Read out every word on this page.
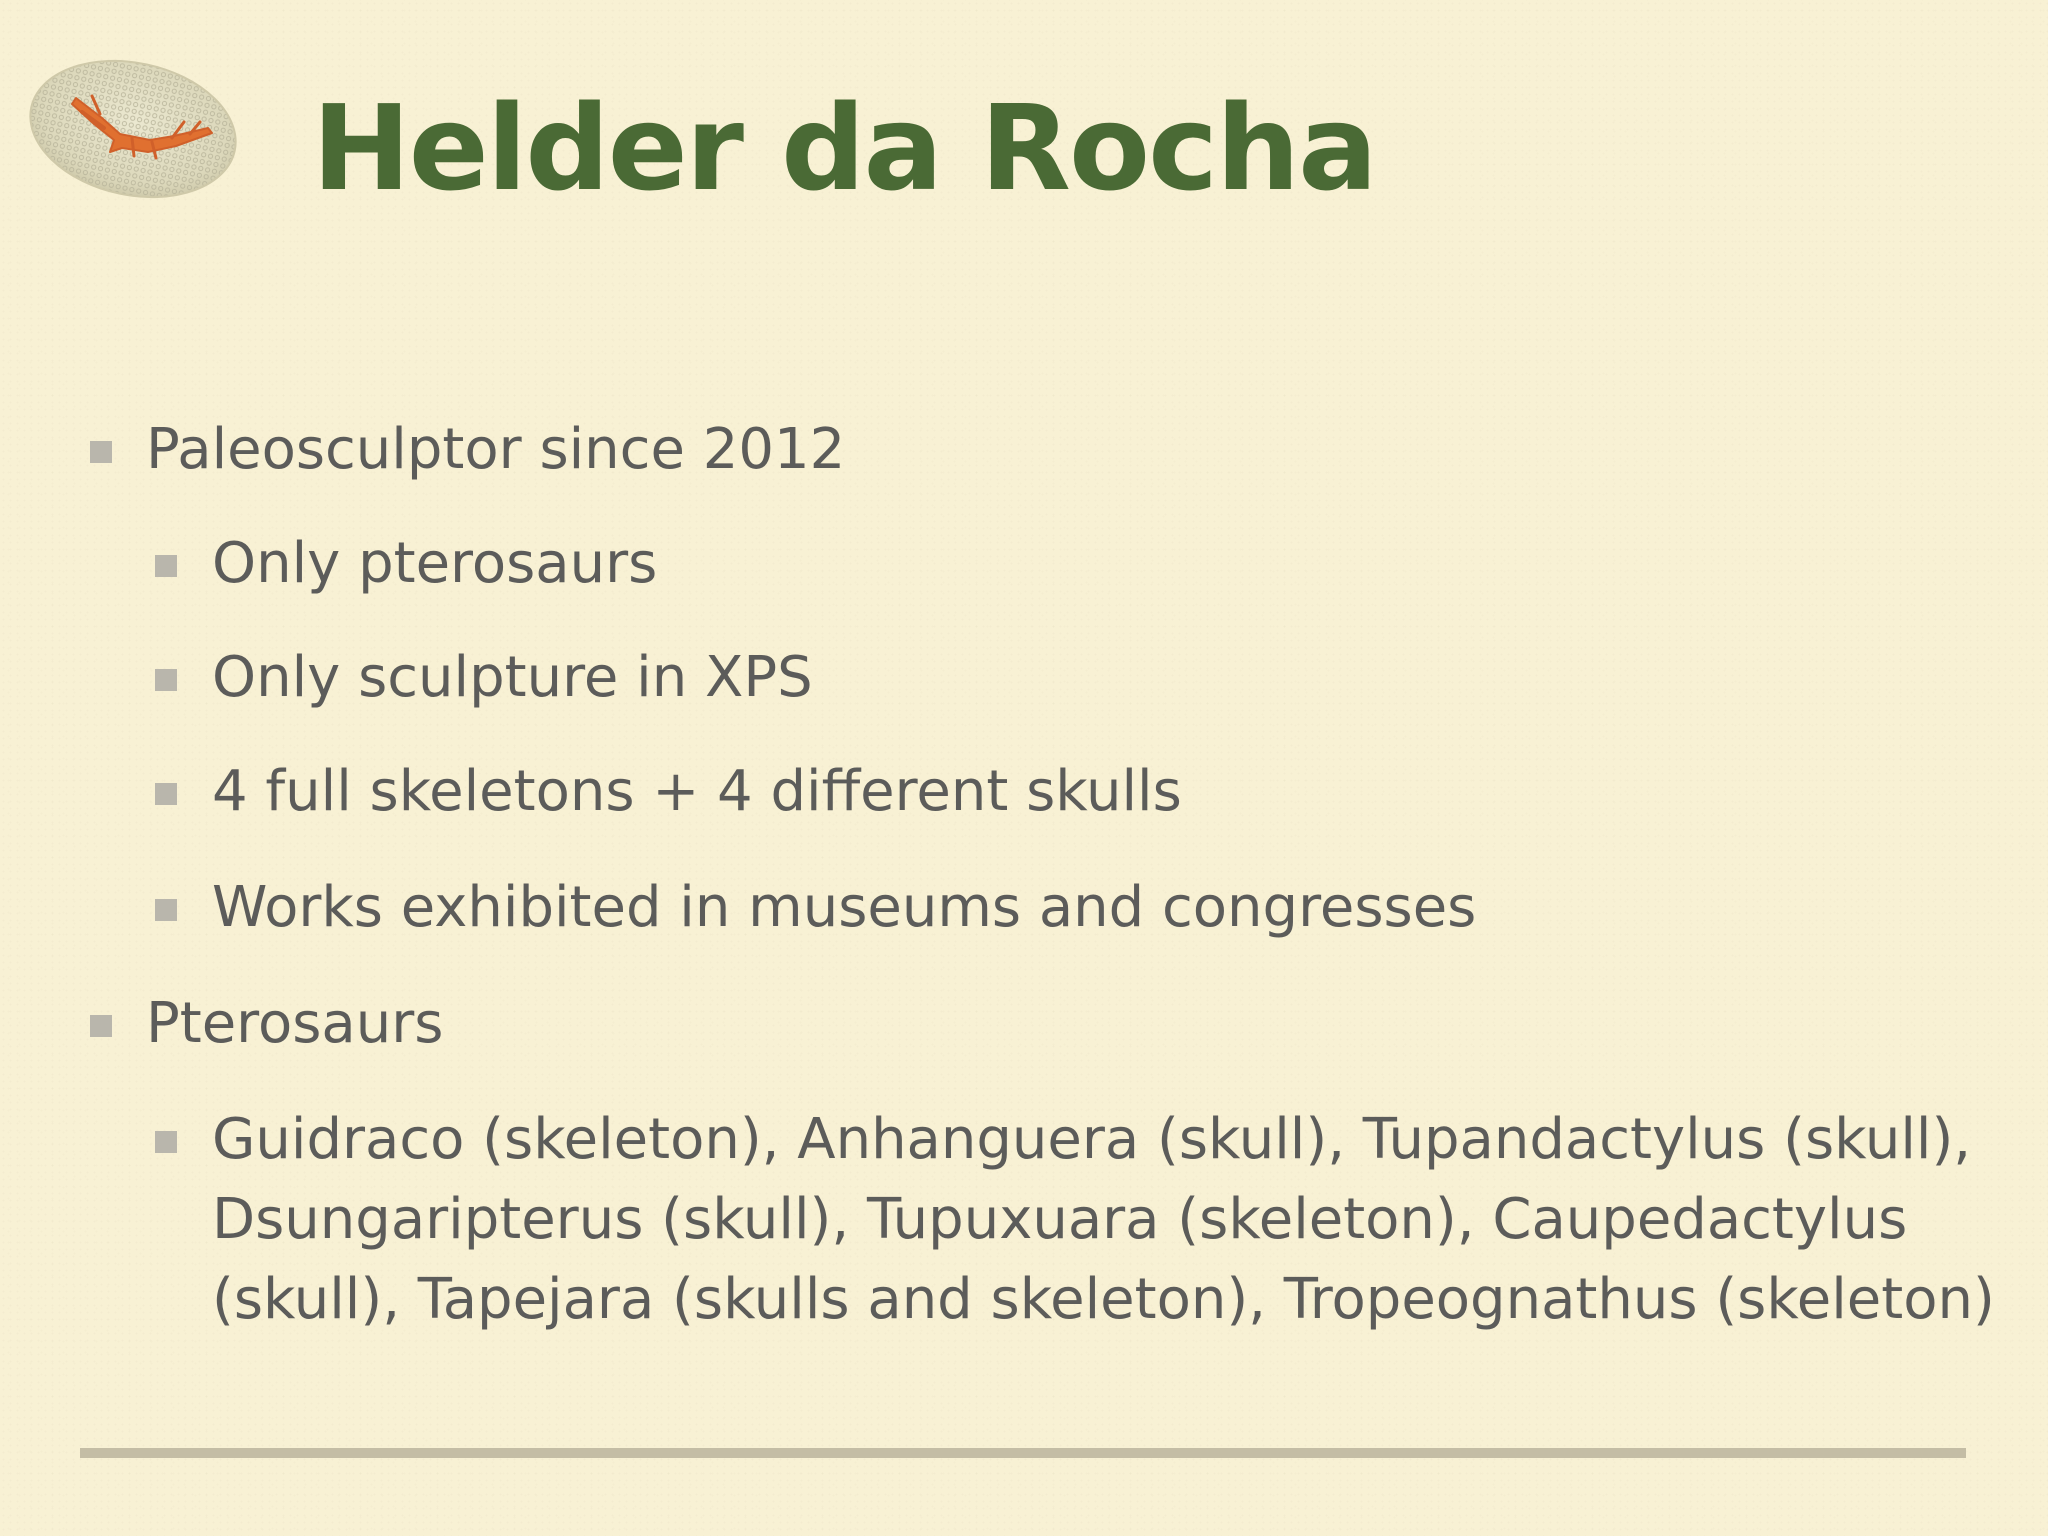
Helder da Rocha
Paleosculptor since 2012
Only pterosaurs
Only sculpture in XPS
4 full skeletons + 4 different skulls
Works exhibited in museums and congresses
Pterosaurs
Guidraco (skeleton), Anhanguera (skull), Tupandactylus (skull), Dsungaripterus (skull), Tupuxuara (skeleton), Caupedactylus (skull), Tapejara (skulls and skeleton), Tropeognathus (skeleton)
